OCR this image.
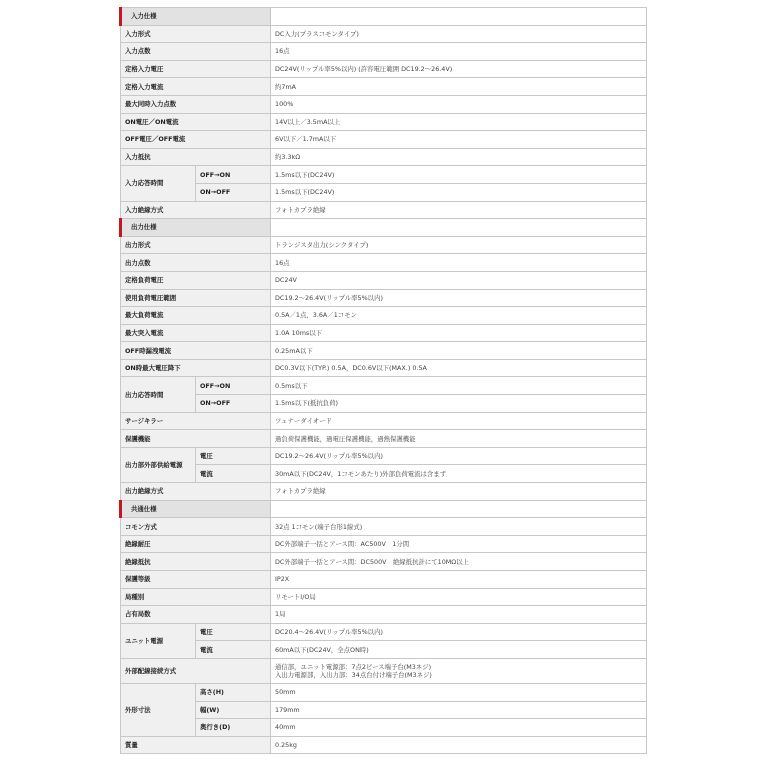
入力仕様		
入力形式		DC入力(プラスコモンタイプ)
入力点数		16点
定格入力電圧		DC24V(リップル率5%以内) (許容電圧範囲 DC19.2～26.4V)
定格入力電流		約7mA
最大同時入力点数		100%
ON電圧／ON電流		14V以上／3.5mA以上
OFF電圧／OFF電流		6V以下／1.7mA以下
入力抵抗		約3.3kΩ
入力応答時間	OFF→ON	1.5ms以下(DC24V)
	ON→OFF	1.5ms以下(DC24V)
入力絶縁方式		フォトカプラ絶縁
出力仕様		
出力形式		トランジスタ出力(シンクタイプ)
出力点数		16点
定格負荷電圧		DC24V
使用負荷電圧範囲		DC19.2～26.4V(リップル率5%以内)
最大負荷電流		0.5A／1点，3.6A／1コモン
最大突入電流		1.0A 10ms以下
OFF時漏洩電流		0.25mA以下
ON時最大電圧降下		DC0.3V以下(TYP.) 0.5A，DC0.6V以下(MAX.) 0.5A
出力応答時間	OFF→ON	0.5ms以下
	ON→OFF	1.5ms以下(抵抗負荷)
サージキラー		ツェナーダイオード
保護機能		過負荷保護機能，過電圧保護機能，過熱保護機能
出力部外部供給電源	電圧	DC19.2～26.4V(リップル率5%以内)
	電流	30mA以下(DC24V，1コモンあたり)外部負荷電流は含まず
出力絶縁方式		フォトカプラ絶縁
共通仕様		
コモン方式		32点 1コモン(端子台形1線式)
絶縁耐圧		DC外部端子一括とアース間：AC500V　1分間
絶縁抵抗		DC外部端子一括とアース間：DC500V　絶縁抵抗計にて10MΩ以上
保護等級		IP2X
局種別		リモートI/O局
占有局数		1局
ユニット電源	電圧	DC20.4～26.4V(リップル率5%以内)
	電流	60mA以下(DC24V，全点ON時)
外部配線接続方式		通信部，ユニット電源部：7点2ピース端子台(M3ネジ)
入出力電源部，入出力部：34点台付け端子台(M3ネジ)

外形寸法	高さ(H)	50mm
	幅(W)	179mm
	奥行き(D)	40mm
質量		0.25kg
